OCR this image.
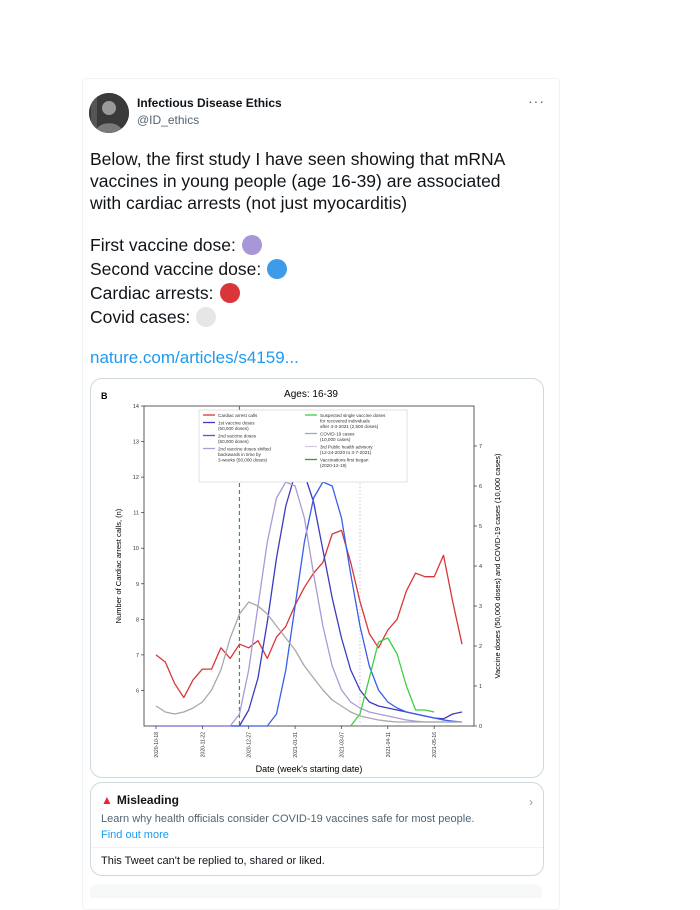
Infectious Disease Ethics
@ID_ethics
···
Below, the first study I have seen showing that mRNA
vaccines in young people (age 16-39) are associated
with cardiac arrests (not just myocarditis)
First vaccine dose:
Second vaccine dose:
Cardiac arrests:
Covid cases:
nature.com/articles/s4159...
B	Ages: 16-39
6
7
8
9
10
11
12
13
14
0
1
2
3
4
5
6
7
2020-10-18	2020-11-22	2020-12-27	2021-01-31	2021-03-07	2021-04-11	2021-05-16
Cardiac arrest calls
1st vaccine doses
(50,000 doses)
2nd vaccine doses
(50,000 doses)
2nd vaccine doses shifted
backwards in time by
3-weeks (50,000 doses)
Suspected single vaccine doses
for recovered individuals
after 4-3-2021 (2,500 doses)
COVID-19 cases
(10,000 cases)
3rd Public health advisory
(12-24-2020 to 3-7-2021)
Vaccinations first began
(2020-12-19)
Number of Cardiac arrest calls, (n)	Vaccine doses (50,000 doses) and COVID-19 cases (10,000 cases)
Date (week's starting date)
▲ Misleading	›
Learn why health officials consider COVID-19 vaccines safe for most people.
Find out more
This Tweet can't be replied to, shared or liked.
